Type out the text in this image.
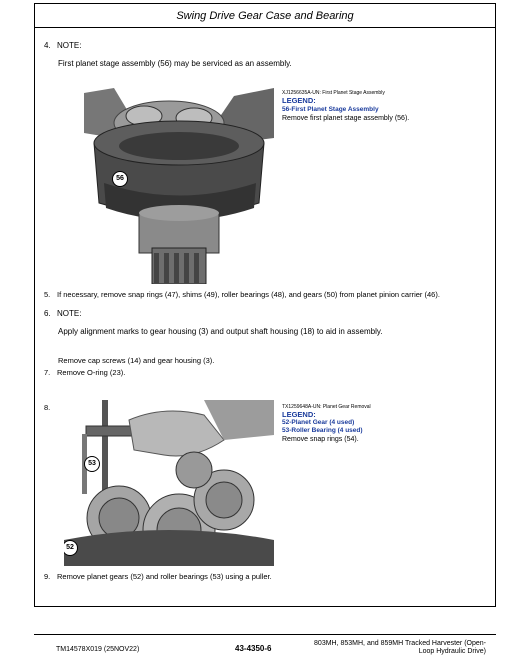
Swing Drive Gear Case and Bearing
4. NOTE:
First planet stage assembly (56) may be serviced as an assembly.
56
XJ1256635A-UN: First Planet Stage Assembly
LEGEND:
56-First Planet Stage Assembly
Remove first planet stage assembly (56).
5. If necessary, remove snap rings (47), shims (49), roller bearings (48), and gears (50) from planet pinion carrier (46).
6. NOTE:
Apply alignment marks to gear housing (3) and output shaft housing (18) to aid in assembly.
Remove cap screws (14) and gear housing (3).
7. Remove O-ring (23).
8.
53
52
TX1259648A-UN: Planet Gear Removal
LEGEND:
52-Planet Gear (4 used)
53-Roller Bearing (4 used)
Remove snap rings (54).
9. Remove planet gears (52) and roller bearings (53) using a puller.
TM14578X019 (25NOV22)	43-4350-6
803MH, 853MH, and 859MH Tracked Harvester (Open-
Loop Hydraulic Drive)
